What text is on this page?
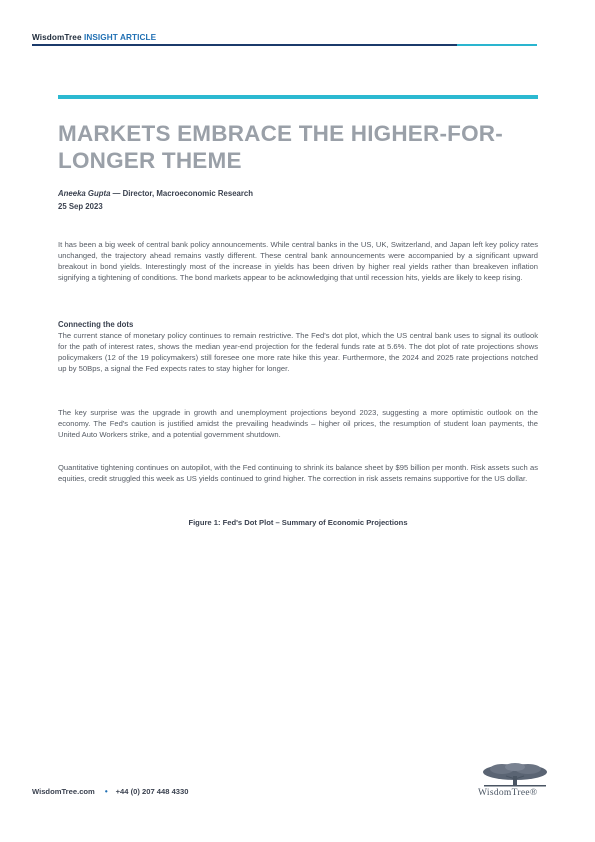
WisdomTree INSIGHT ARTICLE
MARKETS EMBRACE THE HIGHER-FOR-LONGER THEME
Aneeka Gupta — Director, Macroeconomic Research
25 Sep 2023

It has been a big week of central bank policy announcements. While central banks in the US, UK, Switzerland, and Japan left key policy rates unchanged, the trajectory ahead remains vastly different. These central bank announcements were accompanied by a significant upward breakout in bond yields. Interestingly most of the increase in yields has been driven by higher real yields rather than breakeven inflation signifying a tightening of conditions. The bond markets appear to be acknowledging that until recession hits, yields are likely to keep rising.

Connecting the dots

The current stance of monetary policy continues to remain restrictive. The Fed's dot plot, which the US central bank uses to signal its outlook for the path of interest rates, shows the median year-end projection for the federal funds rate at 5.6%. The dot plot of rate projections shows policymakers (12 of the 19 policymakers) still foresee one more rate hike this year. Furthermore, the 2024 and 2025 rate projections notched up by 50Bps, a signal the Fed expects rates to stay higher for longer.

The key surprise was the upgrade in growth and unemployment projections beyond 2023, suggesting a more optimistic outlook on the economy. The Fed's caution is justified amidst the prevailing headwinds – higher oil prices, the resumption of student loan payments, the United Auto Workers strike, and a potential government shutdown.

Quantitative tightening continues on autopilot, with the Fed continuing to shrink its balance sheet by $95 billion per month. Risk assets such as equities, credit struggled this week as US yields continued to grind higher. The correction in risk assets remains supportive for the US dollar.

Figure 1: Fed's Dot Plot – Summary of Economic Projections
WisdomTree.com • +44 (0) 207 448 4330	WisdomTree®
